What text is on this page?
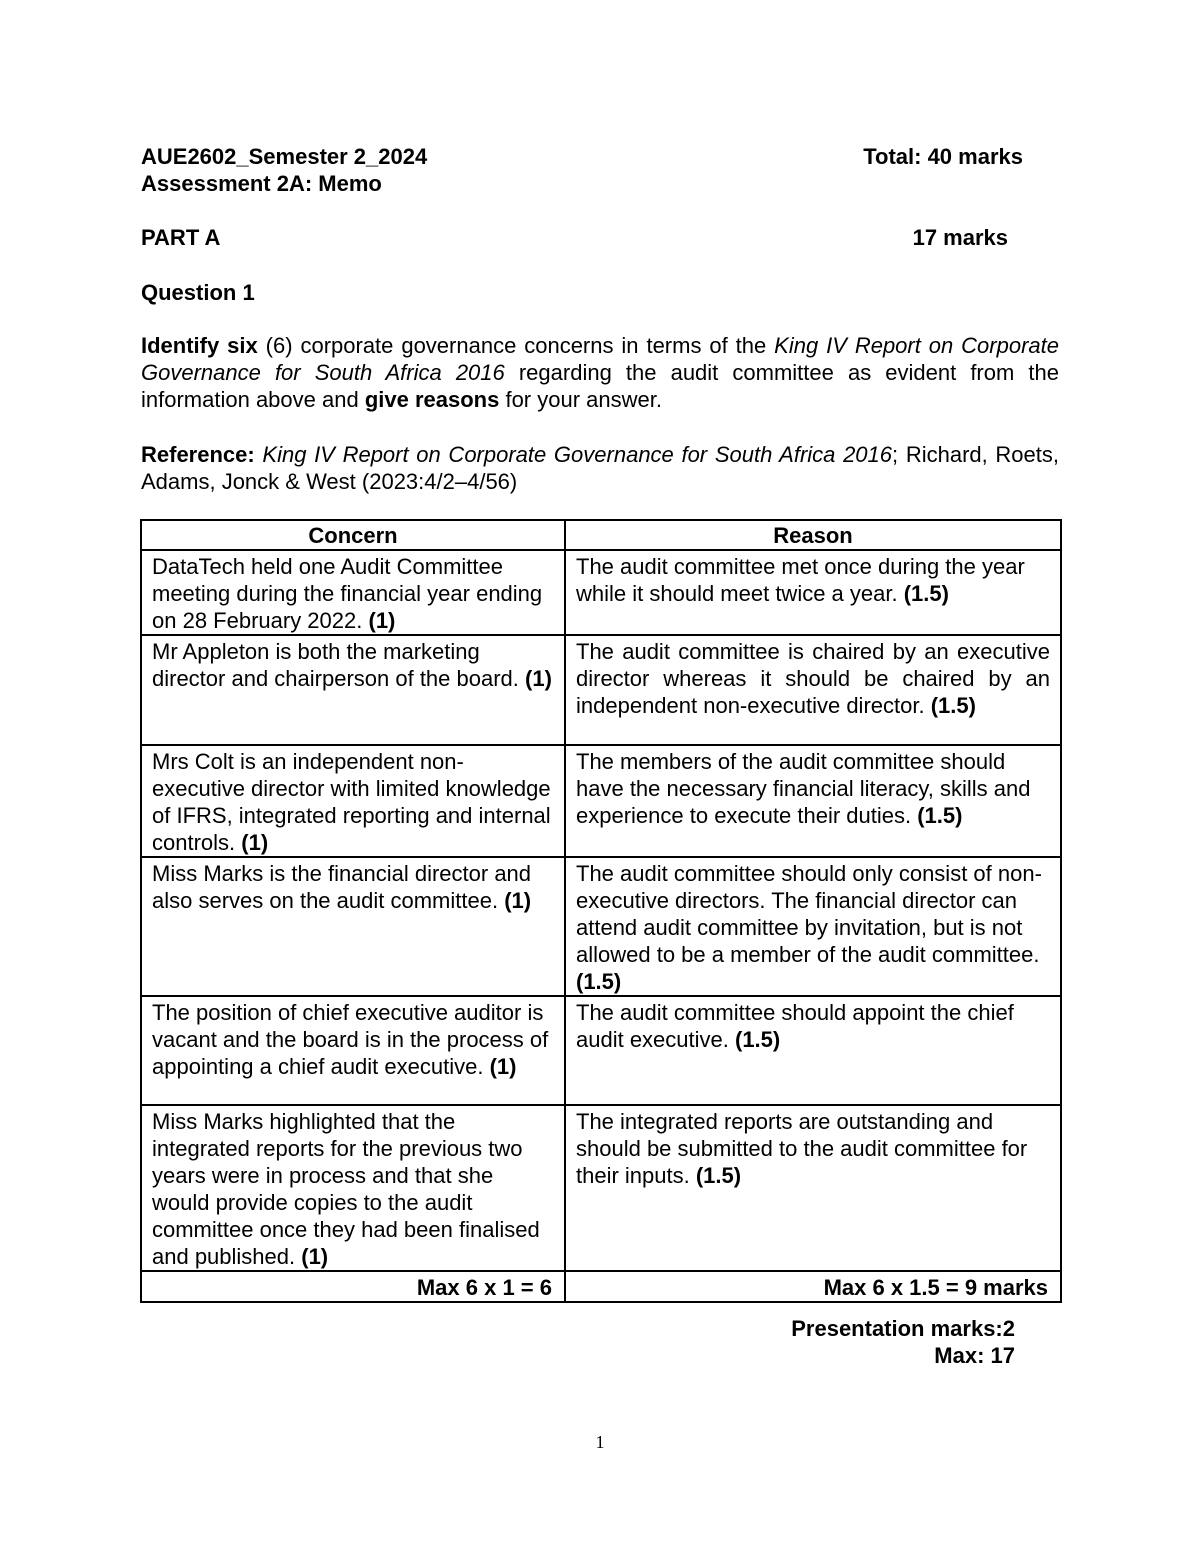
AUE2602_Semester 2_2024	Total: 40 marks
Assessment 2A: Memo
PART A	17 marks
Question 1
Identify six (6) corporate governance concerns in terms of the King IV Report on Corporate Governance for South Africa 2016 regarding the audit committee as evident from the information above and give reasons for your answer.
Reference: King IV Report on Corporate Governance for South Africa 2016; Richard, Roets, Adams, Jonck & West (2023:4/2–4/56)
Concern	Reason
DataTech held one Audit Committee meeting during the financial year ending on 28 February 2022. (1)	The audit committee met once during the year while it should meet twice a year. (1.5)
Mr Appleton is both the marketing director and chairperson of the board. (1)	The audit committee is chaired by an executive director whereas it should be chaired by an independent non-executive director. (1.5)
Mrs Colt is an independent non-executive director with limited knowledge of IFRS, integrated reporting and internal controls. (1)	The members of the audit committee should have the necessary financial literacy, skills and experience to execute their duties. (1.5)
Miss Marks is the financial director and also serves on the audit committee. (1)	The audit committee should only consist of non-executive directors. The financial director can attend audit committee by invitation, but is not allowed to be a member of the audit committee. (1.5)
The position of chief executive auditor is vacant and the board is in the process of appointing a chief audit executive. (1)	The audit committee should appoint the chief audit executive. (1.5)
Miss Marks highlighted that the integrated reports for the previous two years were in process and that she would provide copies to the audit committee once they had been finalised and published. (1)	The integrated reports are outstanding and should be submitted to the audit committee for their inputs. (1.5)
Max 6 x 1 = 6	Max 6 x 1.5 = 9 marks
Presentation marks:2
Max: 17
1
